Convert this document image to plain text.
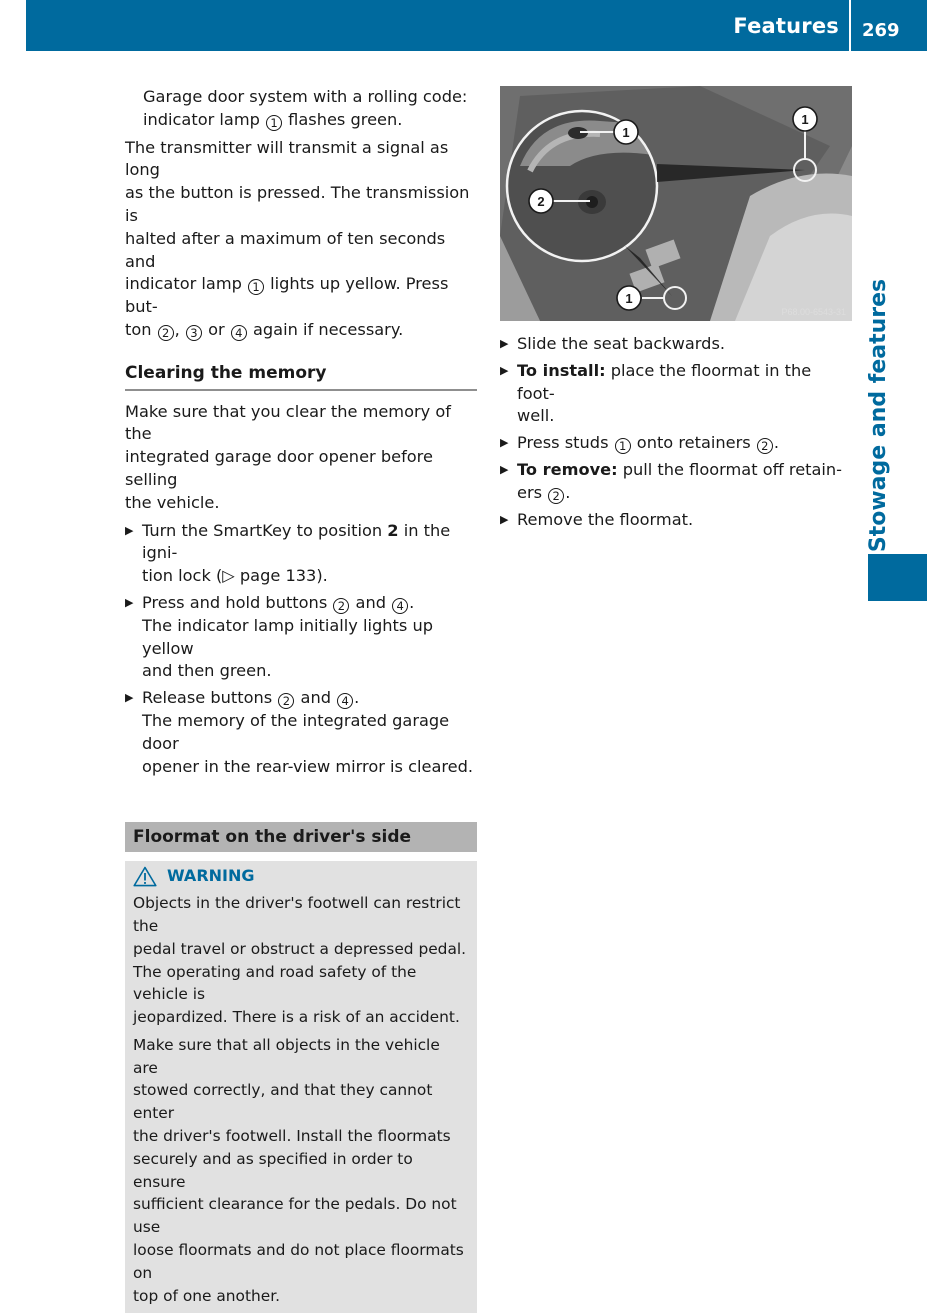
Features 269
Stowage and features
Garage door system with a rolling code:
indicator lamp 1 flashes green.
The transmitter will transmit a signal as long
as the button is pressed. The transmission is
halted after a maximum of ten seconds and
indicator lamp 1 lights up yellow. Press but-
ton 2 , 3 or 4 again if necessary.
Clearing the memory
Make sure that you clear the memory of the
integrated garage door opener before selling
the vehicle.
▶ Turn the SmartKey to position 2 in the igni-
tion lock (▷ page 133).
▶ Press and hold buttons 2 and 4 .
The indicator lamp initially lights up yellow
and then green.
▶ Release buttons 2 and 4 .
The memory of the integrated garage door
opener in the rear-view mirror is cleared.
Floormat on the driver's side
WARNING

Objects in the driver's footwell can restrict the
pedal travel or obstruct a depressed pedal.
The operating and road safety of the vehicle is
jeopardized. There is a risk of an accident.

Make sure that all objects in the vehicle are
stowed correctly, and that they cannot enter
the driver's footwell. Install the floormats
securely and as specified in order to ensure
sufficient clearance for the pedals. Do not use
loose floormats and do not place floormats on
top of one another.

1
2
1
1
P68.00-6543-31
▶ Slide the seat backwards.
▶ To install: place the floormat in the foot-
well.
▶ Press studs 1 onto retainers 2 .
▶ To remove: pull the floormat off retain-
ers 2 .
▶ Remove the floormat.
